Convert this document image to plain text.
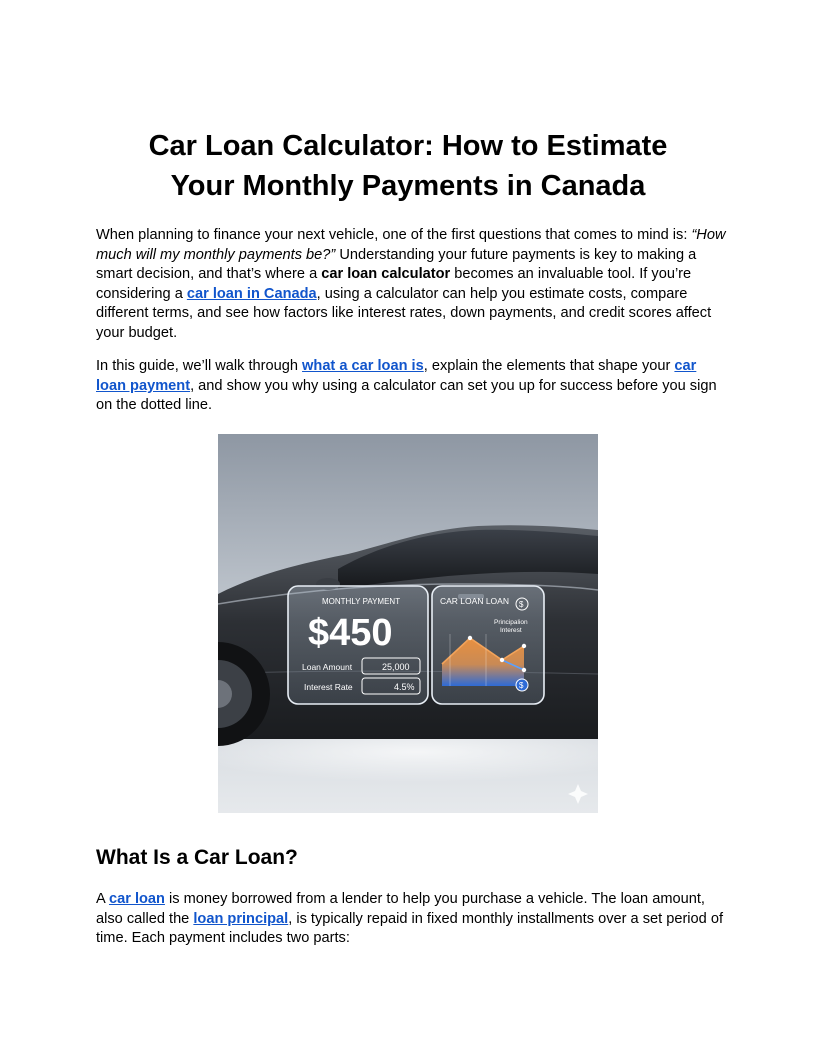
Car Loan Calculator: How to Estimate
Your Monthly Payments in Canada

When planning to finance your next vehicle, one of the first questions that comes to mind is: “How much will my monthly payments be?” Understanding your future payments is key to making a smart decision, and that’s where a car loan calculator becomes an invaluable tool. If you’re considering a car loan in Canada, using a calculator can help you estimate costs, compare different terms, and see how factors like interest rates, down payments, and credit scores affect your budget.

In this guide, we’ll walk through what a car loan is, explain the elements that shape your car loan payment, and show you why using a calculator can set you up for success before you sign on the dotted line.

MONTHLY PAYMENT
$450
Loan Amount	25,000
Interest Rate	4.5%
CAR LOAN LOAN $
Principalion
Interest
$
What Is a Car Loan?

A car loan is money borrowed from a lender to help you purchase a vehicle. The loan amount, also called the loan principal, is typically repaid in fixed monthly installments over a set period of time. Each payment includes two parts:
